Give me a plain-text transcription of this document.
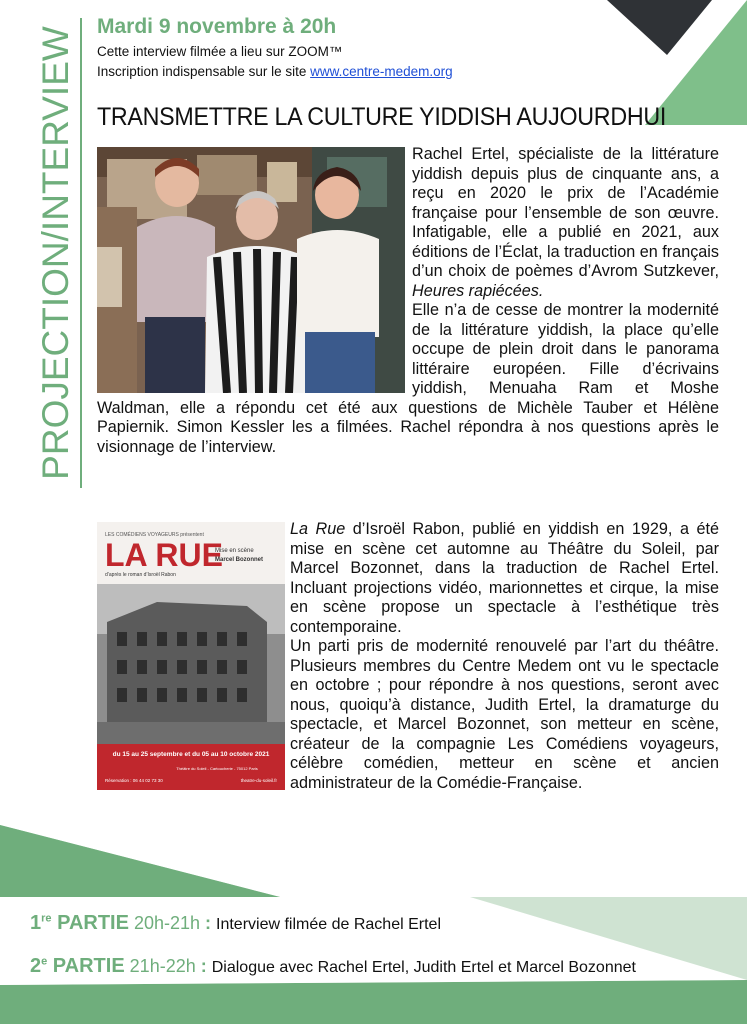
PROJECTION/INTERVIEW Mardi 9 novembre à 20h
Cette interview filmée a lieu sur ZOOM™
Inscription indispensable sur le site www.centre-medem.org
TRANSMETTRE LA CULTURE YIDDISH AUJOURDHUI
Rachel Ertel, spécialiste de la littérature yiddish depuis plus de cinquante ans, a reçu en 2020 le prix de l’Académie française pour l’ensemble de son œuvre. Infatigable, elle a publié en 2021, aux éditions de l’Éclat, la traduction en français d’un choix de poèmes d’Avrom Sutzkever, Heures rapiécées.
Elle n’a de cesse de montrer la modernité de la littérature yiddish, la place qu’elle occupe de plein droit dans le panorama littéraire européen. Fille d’écrivains yiddish, Menuaha Ram et Moshe Waldman, elle a répondu cet été aux questions de Michèle Tauber et Hélène Papiernik. Simon Kessler les a filmées. Rachel répondra à nos questions après le visionnage de l’interview.
LES COMÉDIENS VOYAGEURS présentent
LA RUE
Mise en scène
Marcel Bozonnet
d’après le roman d’Isroël Rabon
du 15 au 25 septembre et du 05 au 10 octobre 2021
Théâtre du Soleil - Cartoucherie - 75012 Paris
Réservation : 06 44 02 73 30	theatre-du-soleil.fr
La Rue d’Isroël Rabon, publié en yiddish en 1929, a été mise en scène cet automne au Théâtre du Soleil, par Marcel Bozonnet, dans la traduction de Rachel Ertel. Incluant projections vidéo, marionnettes et cirque, la mise en scène propose un spectacle à l’esthétique très contemporaine.
Un parti pris de modernité renouvelé par l’art du théâtre. Plusieurs membres du Centre Medem ont vu le spectacle en octobre ; pour répondre à nos questions, seront avec nous, quoiqu’à distance, Judith Ertel, la dramaturge du spectacle, et Marcel Bozonnet, son metteur en scène, créateur de la compagnie Les Comédiens voyageurs, célèbre comédien, metteur en scène et ancien administrateur de la Comédie-Française.
1re PARTIE 20h-21h : Interview filmée de Rachel Ertel
2e PARTIE 21h-22h : Dialogue avec Rachel Ertel, Judith Ertel et Marcel Bozonnet
